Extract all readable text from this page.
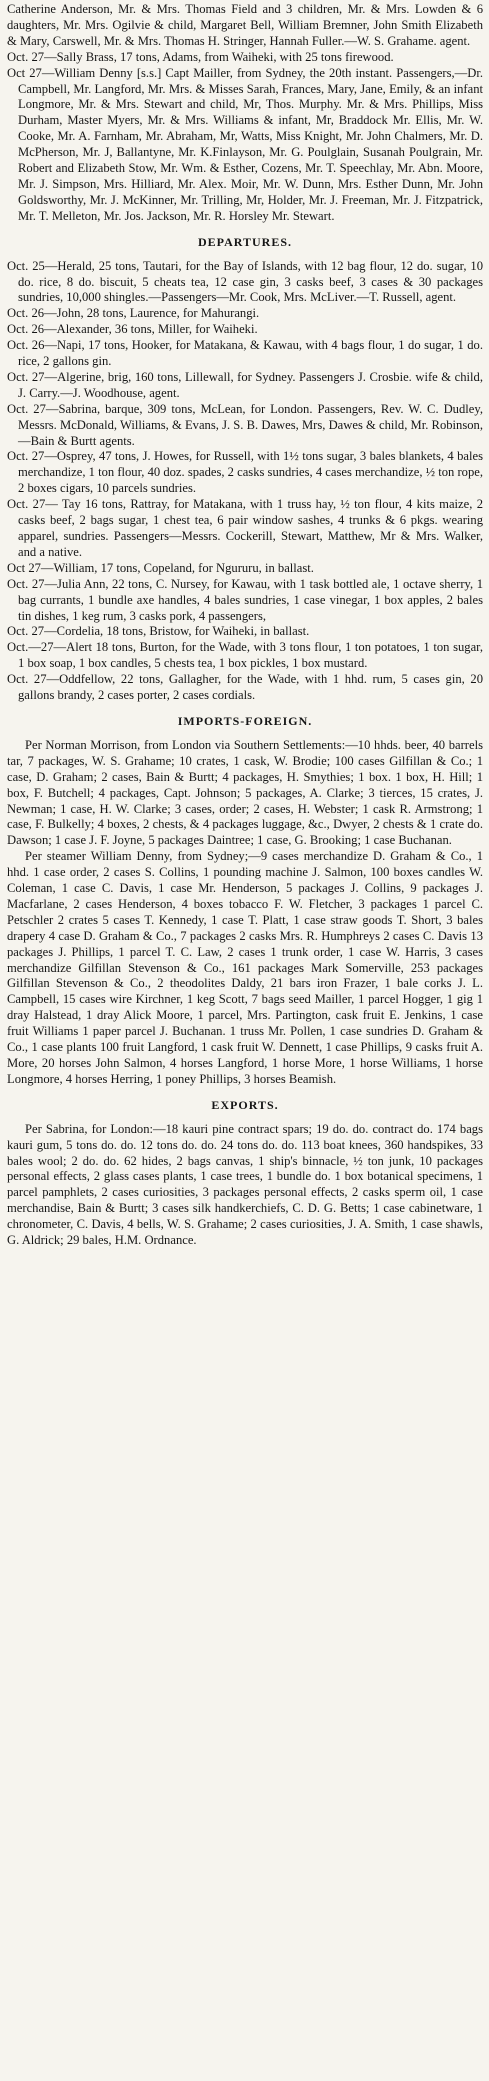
Catherine Anderson, Mr. & Mrs. Thomas Field and 3 children, Mr. & Mrs. Lowden & 6 daughters, Mr. Mrs. Ogilvie & child, Margaret Bell, William Bremner, John Smith Elizabeth & Mary, Carswell, Mr. & Mrs. Thomas H. Stringer, Hannah Fuller.—W. S. Grahame. agent.

Oct. 27—Sally Brass, 17 tons, Adams, from Waiheki, with 25 tons firewood.

Oct 27—William Denny [s.s.] Capt Mailler, from Sydney, the 20th instant. Passengers,—Dr. Campbell, Mr. Langford, Mr. Mrs. & Misses Sarah, Frances, Mary, Jane, Emily, & an infant Longmore, Mr. & Mrs. Stewart and child, Mr, Thos. Murphy. Mr. & Mrs. Phillips, Miss Durham, Master Myers, Mr. & Mrs. Williams & infant, Mr, Braddock Mr. Ellis, Mr. W. Cooke, Mr. A. Farnham, Mr. Abraham, Mr, Watts, Miss Knight, Mr. John Chalmers, Mr. D. McPherson, Mr. J, Ballantyne, Mr. K.Finlayson, Mr. G. Poulglain, Susanah Poulgrain, Mr. Robert and Elizabeth Stow, Mr. Wm. & Esther, Cozens, Mr. T. Speechlay, Mr. Abn. Moore, Mr. J. Simpson, Mrs. Hilliard, Mr. Alex. Moir, Mr. W. Dunn, Mrs. Esther Dunn, Mr. John Goldsworthy, Mr. J. McKinner, Mr. Trilling, Mr, Holder, Mr. J. Freeman, Mr. J. Fitzpatrick, Mr. T. Melleton, Mr. Jos. Jackson, Mr. R. Horsley Mr. Stewart.

DEPARTURES.

Oct. 25—Herald, 25 tons, Tautari, for the Bay of Islands, with 12 bag flour, 12 do. sugar, 10 do. rice, 8 do. biscuit, 5 cheats tea, 12 case gin, 3 casks beef, 3 cases & 30 packages sundries, 10,000 shingles.—Passengers—Mr. Cook, Mrs. McLiver.—T. Russell, agent.

Oct. 26—John, 28 tons, Laurence, for Mahurangi.

Oct. 26—Alexander, 36 tons, Miller, for Waiheki.

Oct. 26—Napi, 17 tons, Hooker, for Matakana, & Kawau, with 4 bags flour, 1 do sugar, 1 do. rice, 2 gallons gin.

Oct. 27—Algerine, brig, 160 tons, Lillewall, for Sydney. Passengers J. Crosbie. wife & child, J. Carry.—J. Woodhouse, agent.

Oct. 27—Sabrina, barque, 309 tons, McLean, for London. Passengers, Rev. W. C. Dudley, Messrs. McDonald, Williams, & Evans, J. S. B. Dawes, Mrs, Dawes & child, Mr. Robinson,—Bain & Burtt agents.

Oct. 27—Osprey, 47 tons, J. Howes, for Russell, with 1½ tons sugar, 3 bales blankets, 4 bales merchandize, 1 ton flour, 40 doz. spades, 2 casks sundries, 4 cases merchandize, ½ ton rope, 2 boxes cigars, 10 parcels sundries.

Oct. 27— Tay 16 tons, Rattray, for Matakana, with 1 truss hay, ½ ton flour, 4 kits maize, 2 casks beef, 2 bags sugar, 1 chest tea, 6 pair window sashes, 4 trunks & 6 pkgs. wearing apparel, sundries. Passengers—Messrs. Cockerill, Stewart, Matthew, Mr & Mrs. Walker, and a native.

Oct 27—William, 17 tons, Copeland, for Ngururu, in ballast.

Oct. 27—Julia Ann, 22 tons, C. Nursey, for Kawau, with 1 task bottled ale, 1 octave sherry, 1 bag currants, 1 bundle axe handles, 4 bales sundries, 1 case vinegar, 1 box apples, 2 bales tin dishes, 1 keg rum, 3 casks pork, 4 passengers,

Oct. 27—Cordelia, 18 tons, Bristow, for Waiheki, in ballast.

Oct.—27—Alert 18 tons, Burton, for the Wade, with 3 tons flour, 1 ton potatoes, 1 ton sugar, 1 box soap, 1 box candles, 5 chests tea, 1 box pickles, 1 box mustard.

Oct. 27—Oddfellow, 22 tons, Gallagher, for the Wade, with 1 hhd. rum, 5 cases gin, 20 gallons brandy, 2 cases porter, 2 cases cordials.

IMPORTS-FOREIGN.

Per Norman Morrison, from London via Southern Settlements:—10 hhds. beer, 40 barrels tar, 7 packages, W. S. Grahame; 10 crates, 1 cask, W. Brodie; 100 cases Gilfillan & Co.; 1 case, D. Graham; 2 cases, Bain & Burtt; 4 packages, H. Smythies; 1 box. 1 box, H. Hill; 1 box, F. Butchell; 4 packages, Capt. Johnson; 5 packages, A. Clarke; 3 tierces, 15 crates, J. Newman; 1 case, H. W. Clarke; 3 cases, order; 2 cases, H. Webster; 1 cask R. Armstrong; 1 case, F. Bulkelly; 4 boxes, 2 chests, & 4 packages luggage, &c., Dwyer, 2 chests & 1 crate do. Dawson; 1 case J. F. Joyne, 5 packages Daintree; 1 case, G. Brooking; 1 case Buchanan.

Per steamer William Denny, from Sydney;—9 cases merchandize D. Graham & Co., 1 hhd. 1 case order, 2 cases S. Collins, 1 pounding machine J. Salmon, 100 boxes candles W. Coleman, 1 case C. Davis, 1 case Mr. Henderson, 5 packages J. Collins, 9 packages J. Macfarlane, 2 cases Henderson, 4 boxes tobacco F. W. Fletcher, 3 packages 1 parcel C. Petschler 2 crates 5 cases T. Kennedy, 1 case T. Platt, 1 case straw goods T. Short, 3 bales drapery 4 case D. Graham & Co., 7 packages 2 casks Mrs. R. Humphreys 2 cases C. Davis 13 packages J. Phillips, 1 parcel T. C. Law, 2 cases 1 trunk order, 1 case W. Harris, 3 cases merchandize Gilfillan Stevenson & Co., 161 packages Mark Somerville, 253 packages Gilfillan Stevenson & Co., 2 theodolites Daldy, 21 bars iron Frazer, 1 bale corks J. L. Campbell, 15 cases wire Kirchner, 1 keg Scott, 7 bags seed Mailler, 1 parcel Hogger, 1 gig 1 dray Halstead, 1 dray Alick Moore, 1 parcel, Mrs. Partington, cask fruit E. Jenkins, 1 case fruit Williams 1 paper parcel J. Buchanan. 1 truss Mr. Pollen, 1 case sundries D. Graham & Co., 1 case plants 100 fruit Langford, 1 cask fruit W. Dennett, 1 case Phillips, 9 casks fruit A. More, 20 horses John Salmon, 4 horses Langford, 1 horse More, 1 horse Williams, 1 horse Longmore, 4 horses Herring, 1 poney Phillips, 3 horses Beamish.

EXPORTS.

Per Sabrina, for London:—18 kauri pine contract spars; 19 do. do. contract do. 174 bags kauri gum, 5 tons do. do. 12 tons do. do. 24 tons do. do. 113 boat knees, 360 handspikes, 33 bales wool; 2 do. do. 62 hides, 2 bags canvas, 1 ship's binnacle, ½ ton junk, 10 packages personal effects, 2 glass cases plants, 1 case trees, 1 bundle do. 1 box botanical specimens, 1 parcel pamphlets, 2 cases curiosities, 3 packages personal effects, 2 casks sperm oil, 1 case merchandise, Bain & Burtt; 3 cases silk handkerchiefs, C. D. G. Betts; 1 case cabinetware, 1 chronometer, C. Davis, 4 bells, W. S. Grahame; 2 cases curiosities, J. A. Smith, 1 case shawls, G. Aldrick; 29 bales, H.M. Ordnance.
